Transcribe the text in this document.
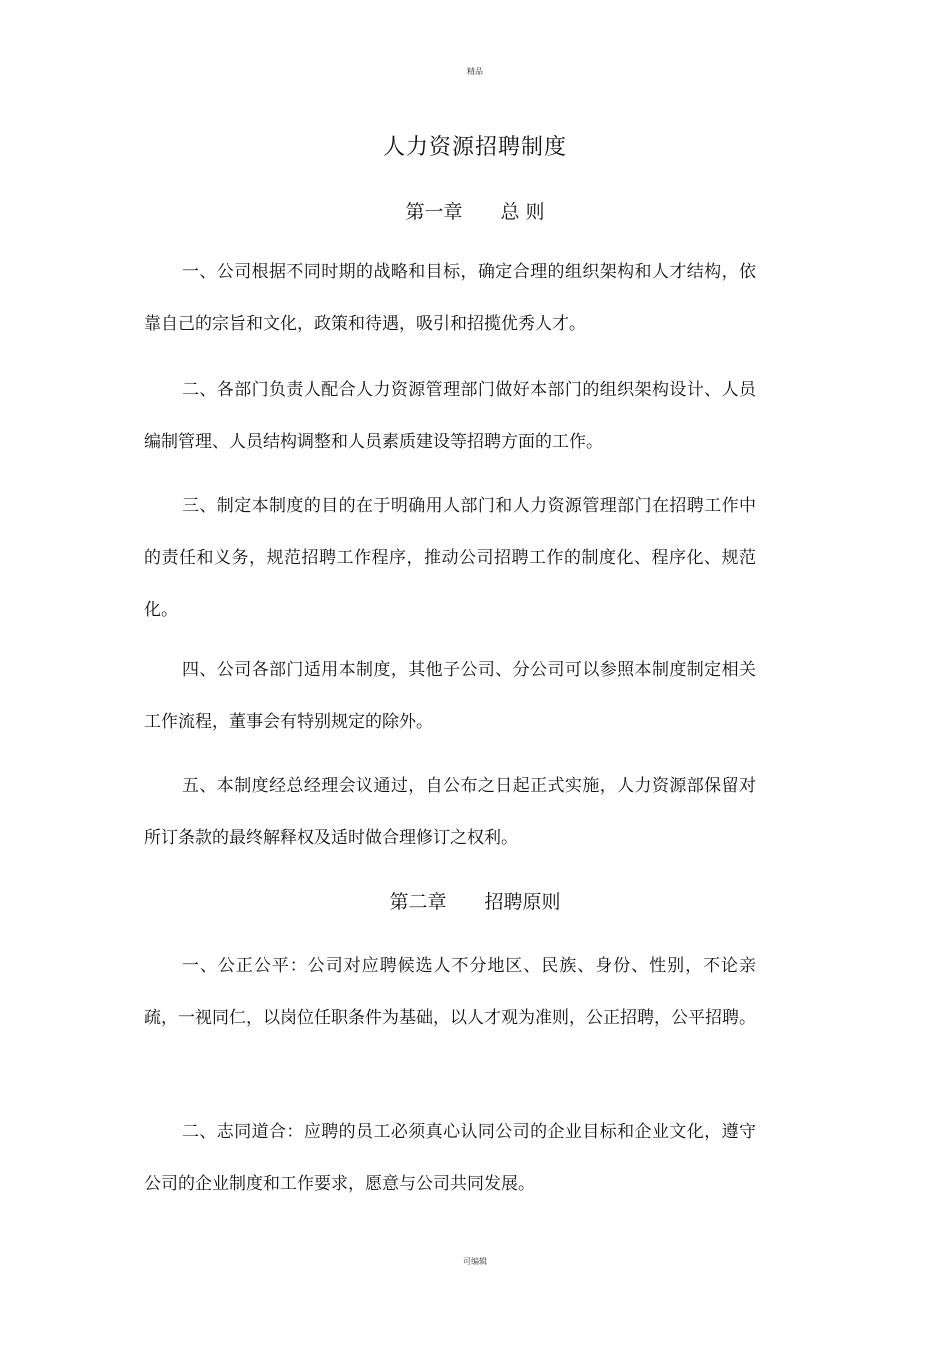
精品
人力资源招聘制度
第一章 总 则

一、公司根据不同时期的战略和目标，确定合理的组织架构和人才结构，依靠自己的宗旨和文化，政策和待遇，吸引和招揽优秀人才。

二、各部门负责人配合人力资源管理部门做好本部门的组织架构设计、人员编制管理、人员结构调整和人员素质建设等招聘方面的工作。

三、制定本制度的目的在于明确用人部门和人力资源管理部门在招聘工作中的责任和义务，规范招聘工作程序，推动公司招聘工作的制度化、程序化、规范化。

四、公司各部门适用本制度，其他子公司、分公司可以参照本制度制定相关工作流程，董事会有特别规定的除外。

五、本制度经总经理会议通过，自公布之日起正式实施，人力资源部保留对所订条款的最终解释权及适时做合理修订之权利。

第二章 招聘原则

一、公正公平：公司对应聘候选人不分地区、民族、身份、性别，不论亲疏，一视同仁，以岗位任职条件为基础，以人才观为准则，公正招聘，公平招聘。

二、志同道合：应聘的员工必须真心认同公司的企业目标和企业文化，遵守公司的企业制度和工作要求，愿意与公司共同发展。

可编辑
